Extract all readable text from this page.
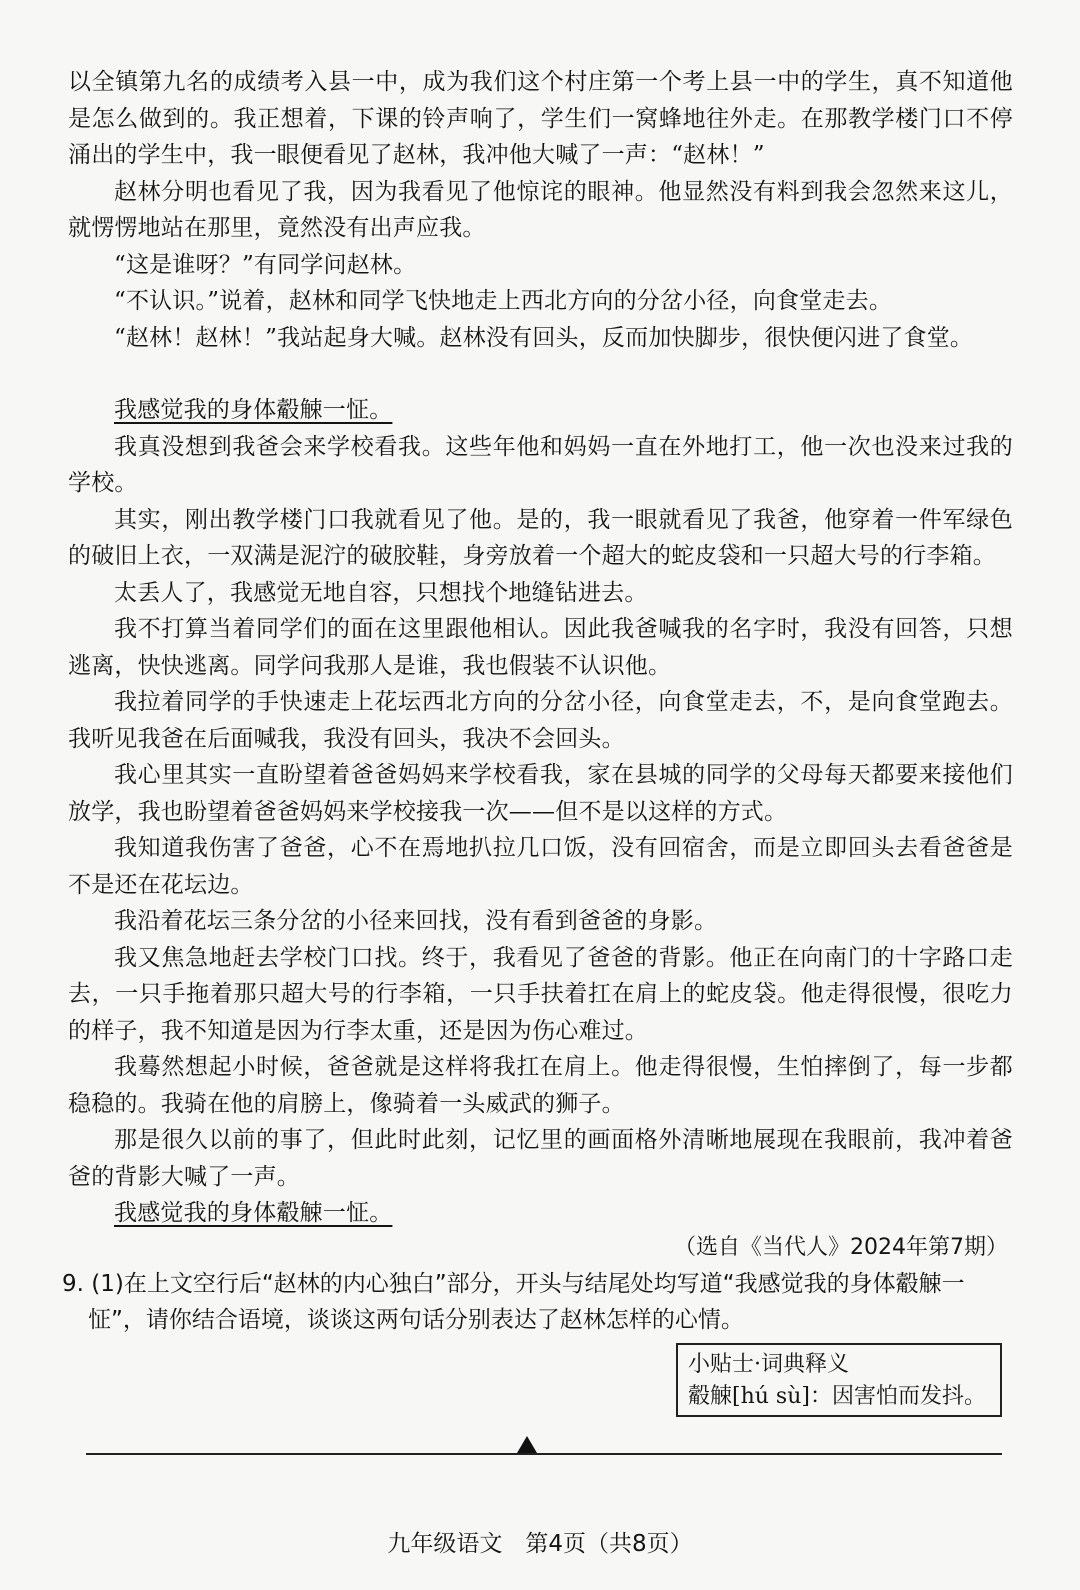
以全镇第九名的成绩考入县一中，成为我们这个村庄第一个考上县一中的学生，真不知道他是怎么做到的。我正想着，下课的铃声响了，学生们一窝蜂地往外走。在那教学楼门口不停涌出的学生中，我一眼便看见了赵林，我冲他大喊了一声：“赵林！”

赵林分明也看见了我，因为我看见了他惊诧的眼神。他显然没有料到我会忽然来这儿，就愣愣地站在那里，竟然没有出声应我。

“这是谁呀？”有同学问赵林。

“不认识。”说着，赵林和同学飞快地走上西北方向的分岔小径，向食堂走去。

“赵林！赵林！”我站起身大喊。赵林没有回头，反而加快脚步，很快便闪进了食堂。

我感觉我的身体觳觫一怔。

我真没想到我爸会来学校看我。这些年他和妈妈一直在外地打工，他一次也没来过我的学校。

其实，刚出教学楼门口我就看见了他。是的，我一眼就看见了我爸，他穿着一件军绿色的破旧上衣，一双满是泥泞的破胶鞋，身旁放着一个超大的蛇皮袋和一只超大号的行李箱。

太丢人了，我感觉无地自容，只想找个地缝钻进去。

我不打算当着同学们的面在这里跟他相认。因此我爸喊我的名字时，我没有回答，只想逃离，快快逃离。同学问我那人是谁，我也假装不认识他。

我拉着同学的手快速走上花坛西北方向的分岔小径，向食堂走去，不，是向食堂跑去。我听见我爸在后面喊我，我没有回头，我决不会回头。

我心里其实一直盼望着爸爸妈妈来学校看我，家在县城的同学的父母每天都要来接他们放学，我也盼望着爸爸妈妈来学校接我一次——但不是以这样的方式。

我知道我伤害了爸爸，心不在焉地扒拉几口饭，没有回宿舍，而是立即回头去看爸爸是不是还在花坛边。

我沿着花坛三条分岔的小径来回找，没有看到爸爸的身影。

我又焦急地赶去学校门口找。终于，我看见了爸爸的背影。他正在向南门的十字路口走去，一只手拖着那只超大号的行李箱，一只手扶着扛在肩上的蛇皮袋。他走得很慢，很吃力的样子，我不知道是因为行李太重，还是因为伤心难过。

我蓦然想起小时候，爸爸就是这样将我扛在肩上。他走得很慢，生怕摔倒了，每一步都稳稳的。我骑在他的肩膀上，像骑着一头威武的狮子。

那是很久以前的事了，但此时此刻，记忆里的画面格外清晰地展现在我眼前，我冲着爸爸的背影大喊了一声。

我感觉我的身体觳觫一怔。

（选自《当代人》2024年第7期）

9. (1)在上文空行后“赵林的内心独白”部分，开头与结尾处均写道“我感觉我的身体觳觫一怔”，请你结合语境，谈谈这两句话分别表达了赵林怎样的心情。

小贴士·词典释义
觳觫[hú sù]：因害怕而发抖。
九年级语文　第4页（共8页）
